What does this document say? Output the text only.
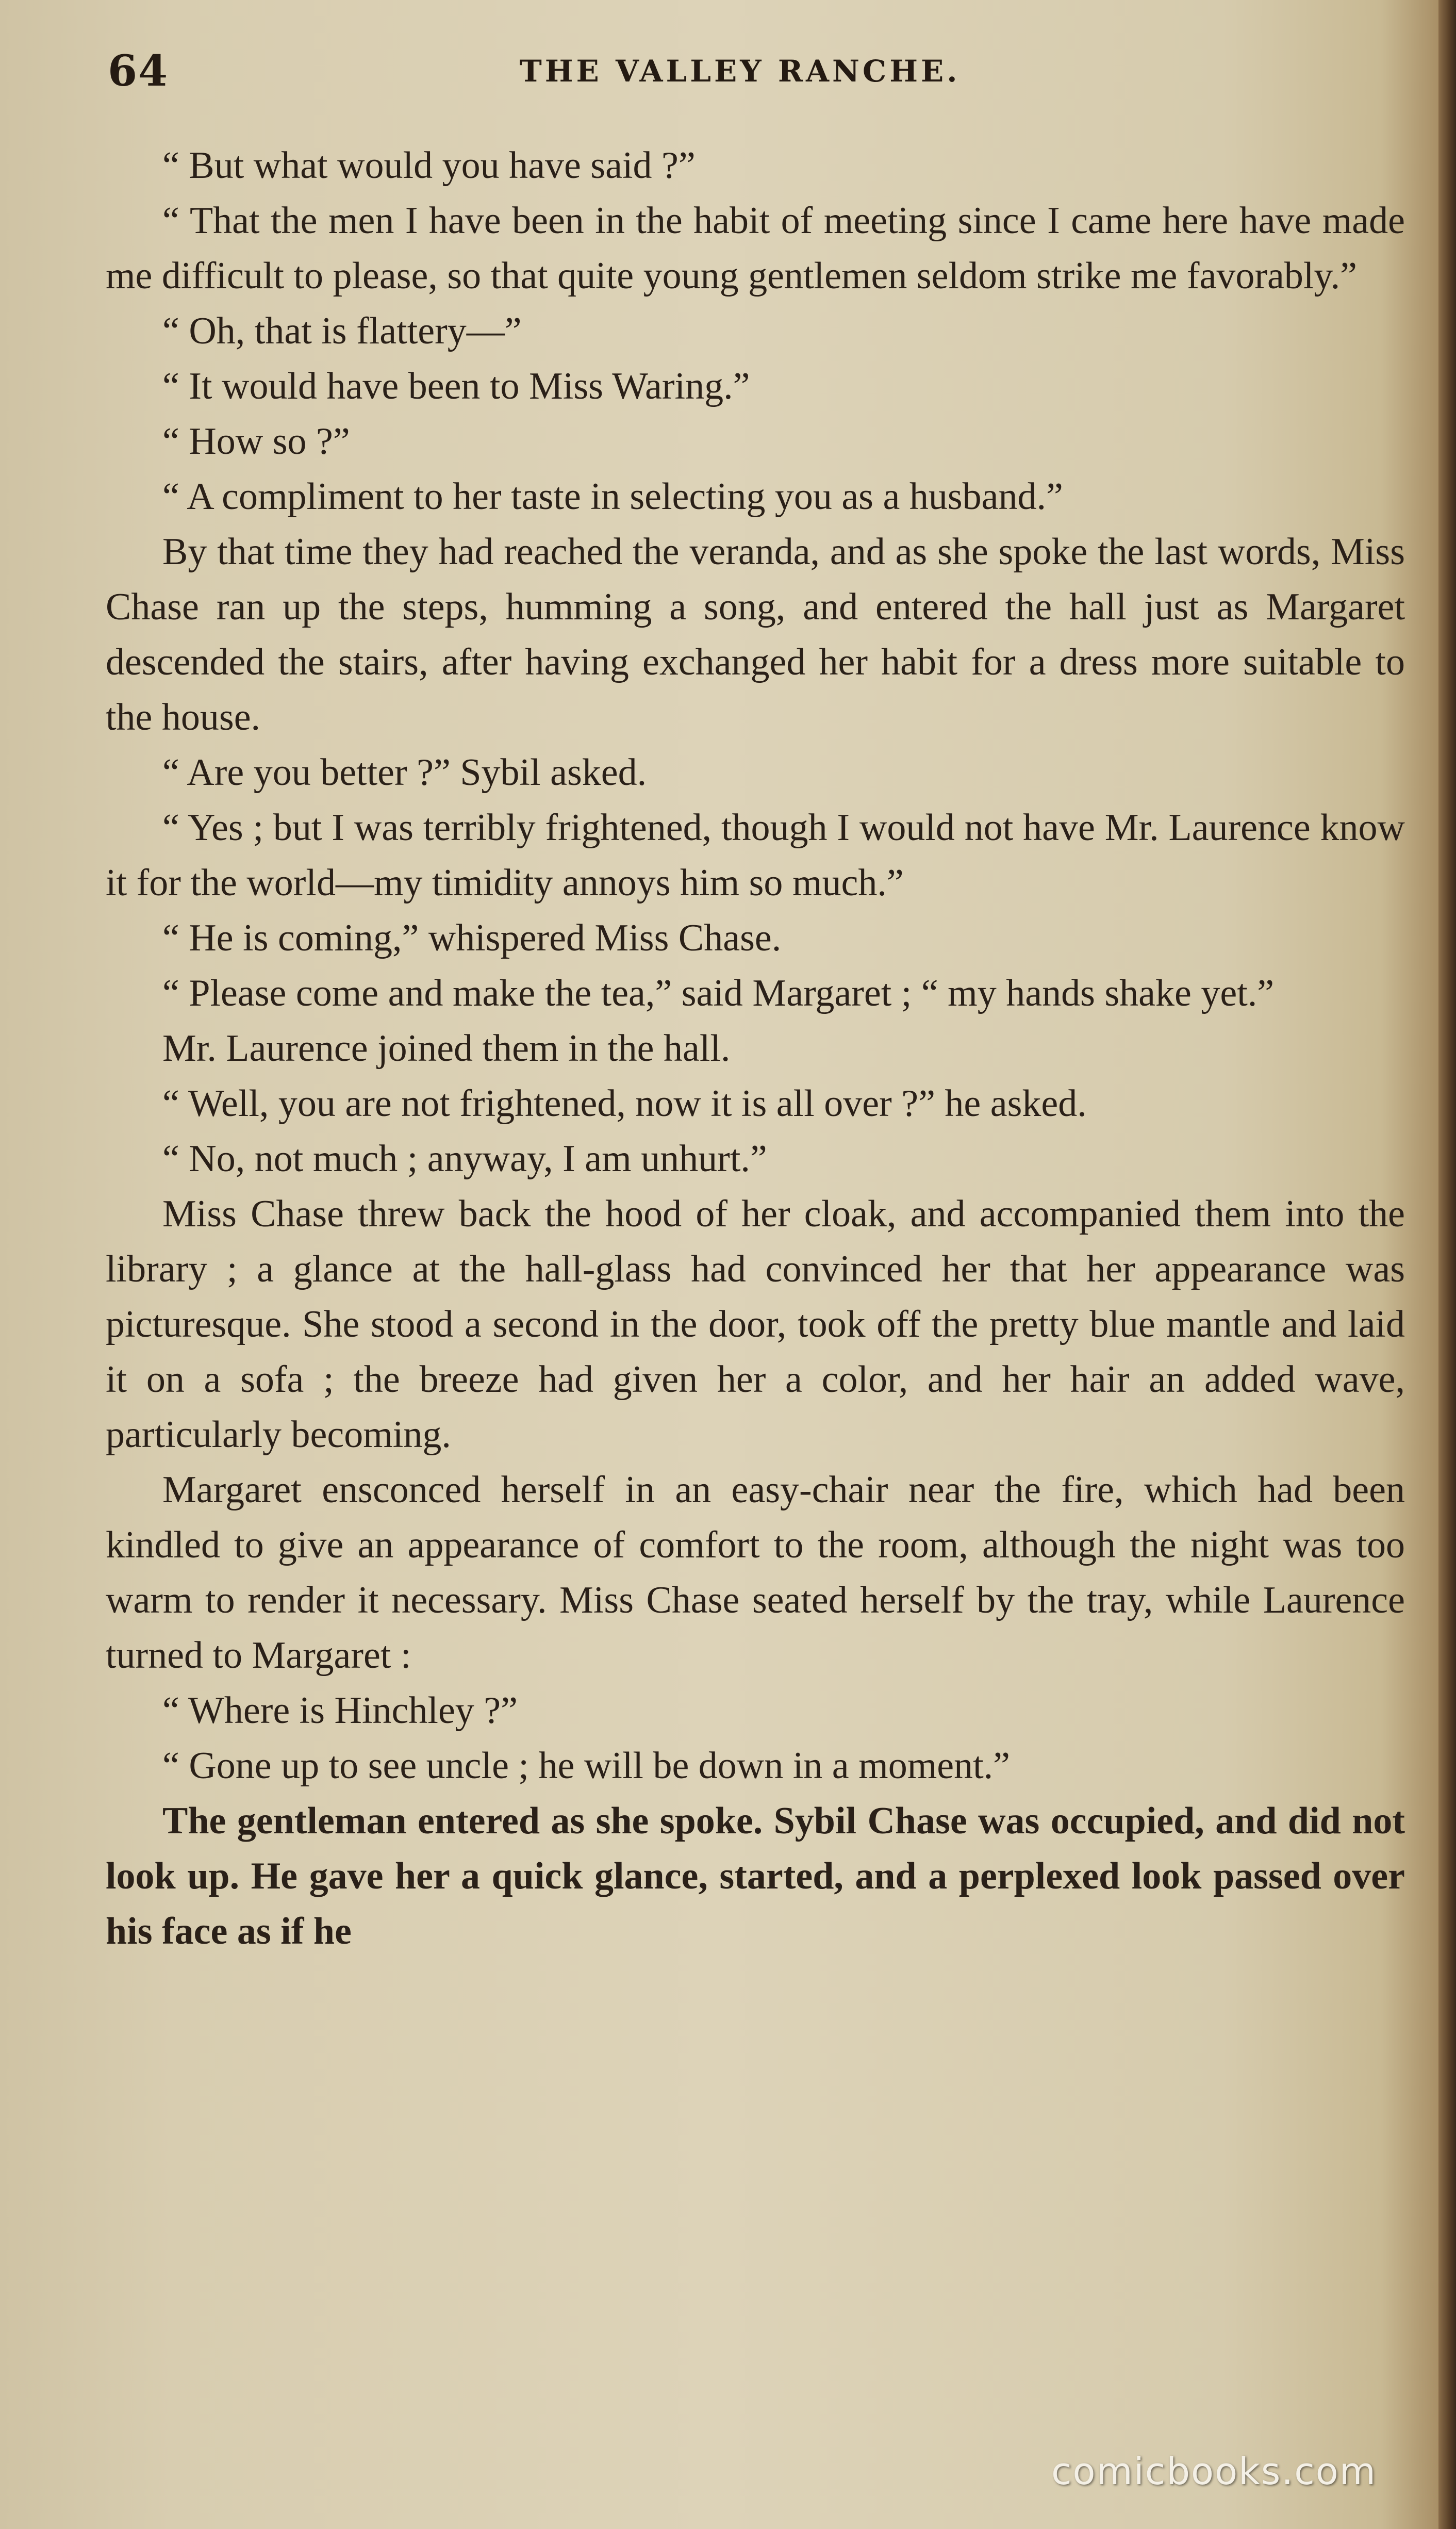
64	THE VALLEY RANCHE.

“ But what would you have said ?”

“ That the men I have been in the habit of meeting since I came here have made me difficult to please, so that quite young gentlemen seldom strike me favorably.”

“ Oh, that is flattery—”

“ It would have been to Miss Waring.”

“ How so ?”

“ A compliment to her taste in selecting you as a husband.”

By that time they had reached the veranda, and as she spoke the last words, Miss Chase ran up the steps, humming a song, and entered the hall just as Margaret descended the stairs, after having exchanged her habit for a dress more suitable to the house.

“ Are you better ?” Sybil asked.

“ Yes ; but I was terribly frightened, though I would not have Mr. Laurence know it for the world—my timidity annoys him so much.”

“ He is coming,” whispered Miss Chase.

“ Please come and make the tea,” said Margaret ; “ my hands shake yet.”

Mr. Laurence joined them in the hall.

“ Well, you are not frightened, now it is all over ?” he asked.

“ No, not much ; anyway, I am unhurt.”

Miss Chase threw back the hood of her cloak, and accompanied them into the library ; a glance at the hall-glass had convinced her that her appearance was picturesque. She stood a second in the door, took off the pretty blue mantle and laid it on a sofa ; the breeze had given her a color, and her hair an added wave, particularly becoming.

Margaret ensconced herself in an easy-chair near the fire, which had been kindled to give an appearance of comfort to the room, although the night was too warm to render it necessary. Miss Chase seated herself by the tray, while Laurence turned to Margaret :

“ Where is Hinchley ?”

“ Gone up to see uncle ; he will be down in a moment.”

The gentleman entered as she spoke. Sybil Chase was occupied, and did not look up. He gave her a quick glance, started, and a perplexed look passed over his face as if he

comicbooks.com
